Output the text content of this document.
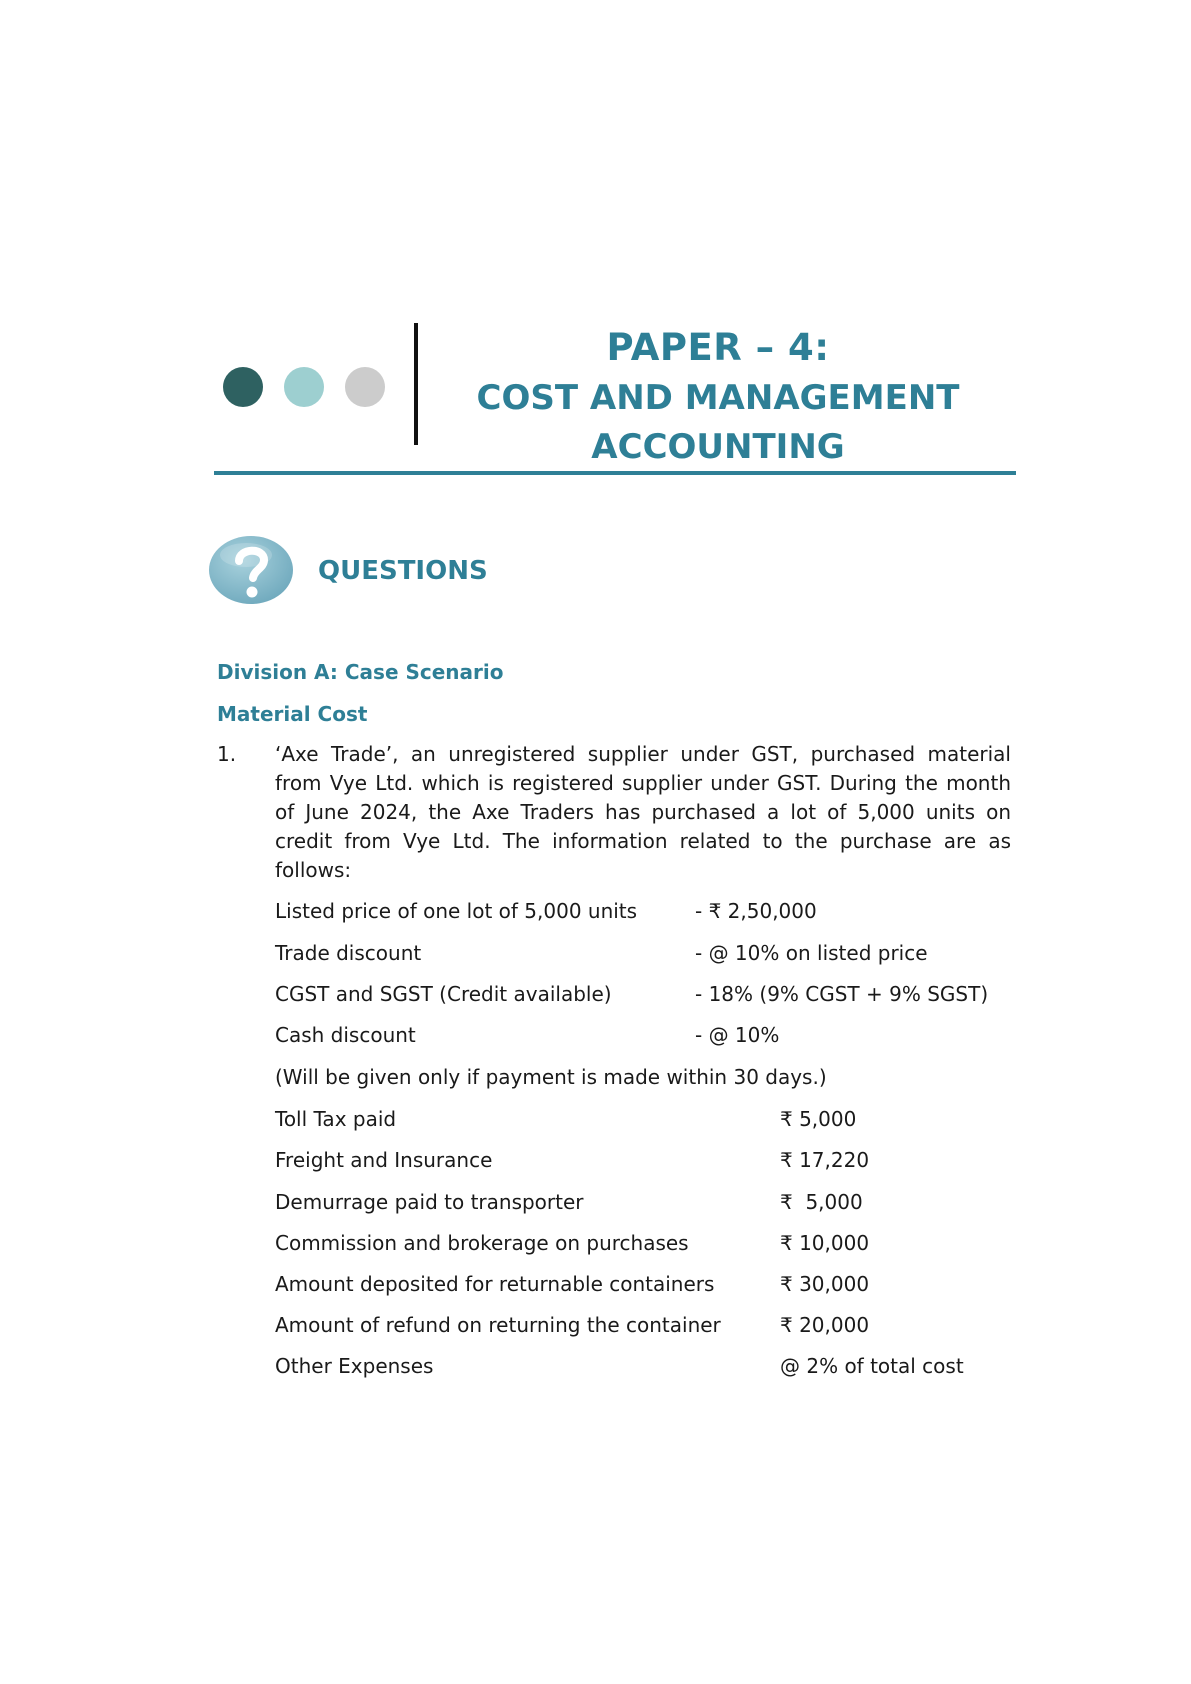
PAPER – 4:
COST AND MANAGEMENT
ACCOUNTING
QUESTIONS
Division A: Case Scenario
Material Cost
1. ‘Axe Trade’, an unregistered supplier under GST, purchased material from Vye Ltd. which is registered supplier under GST. During the month of June 2024, the Axe Traders has purchased a lot of 5,000 units on credit from Vye Ltd. The information related to the purchase are as follows:
Listed price of one lot of 5,000 units	- ₹ 2,50,000
Trade discount	- @ 10% on listed price
CGST and SGST (Credit available)	- 18% (9% CGST + 9% SGST)
Cash discount	- @ 10%
(Will be given only if payment is made within 30 days.)
Toll Tax paid	₹ 5,000
Freight and Insurance	₹ 17,220
Demurrage paid to transporter	₹  5,000
Commission and brokerage on purchases	₹ 10,000
Amount deposited for returnable containers	₹ 30,000
Amount of refund on returning the container	₹ 20,000
Other Expenses	@ 2% of total cost
